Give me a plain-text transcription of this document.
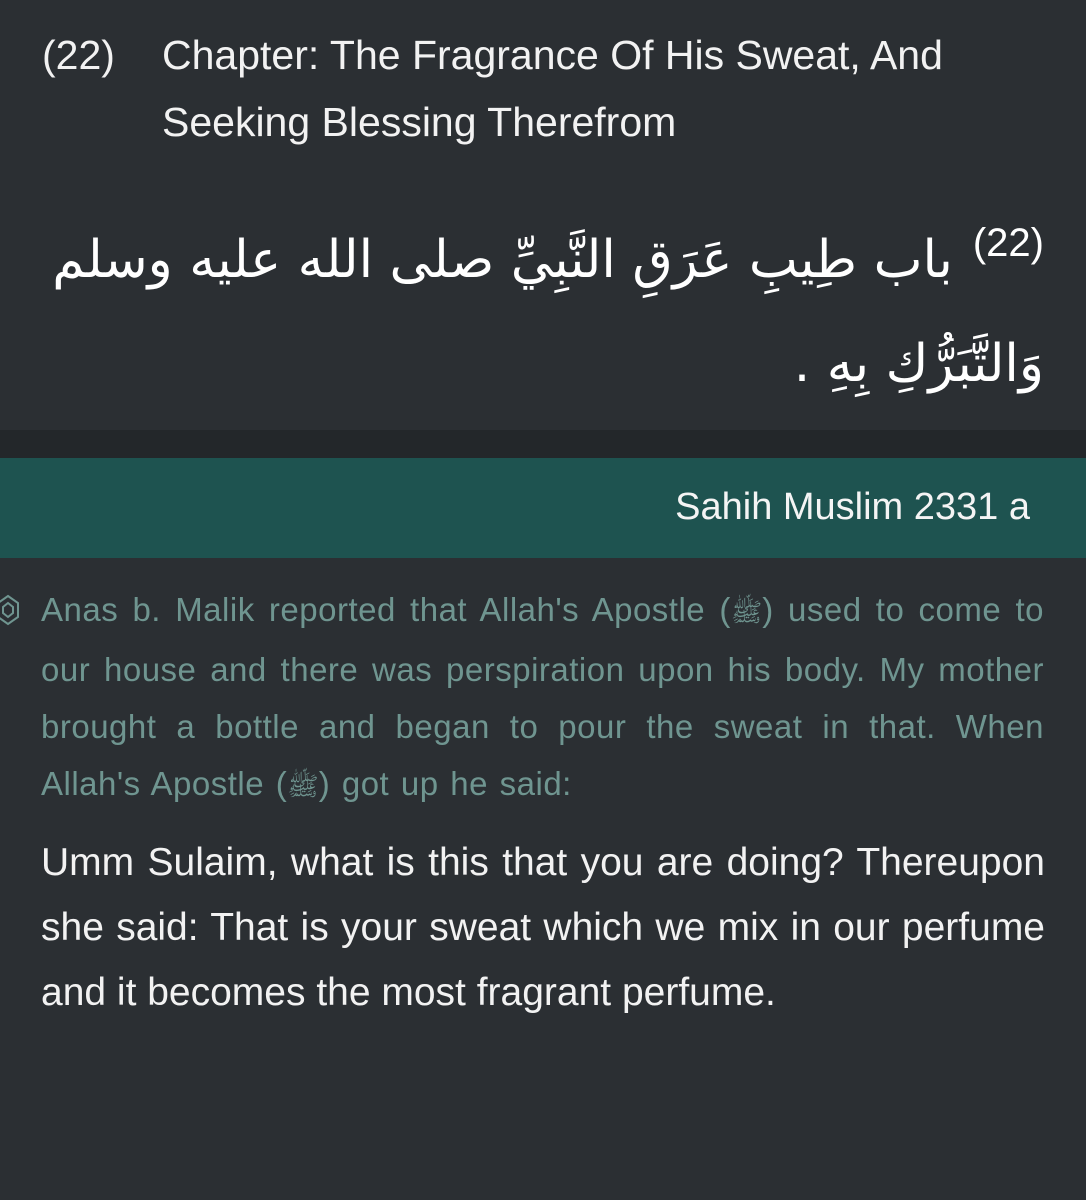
(22) Chapter: The Fragrance Of His Sweat, And Seeking Blessing Therefrom
$^{(22)}$باب طِيبِ عَرَقِ النَّبِيِّ صلى الله عليه وسلم وَالتَّبَرُّكِ بِهِ .
Sahih Muslim 2331 a
Anas b. Malik reported that Allah's Apostle (ﷺ) used to come to our house and there was perspiration upon his body. My mother brought a bottle and began to pour the sweat in that. When Allah's Apostle (ﷺ) got up he said:
Umm Sulaim, what is this that you are doing? Thereupon she said: That is your sweat which we mix in our perfume and it becomes the most fragrant perfume.
